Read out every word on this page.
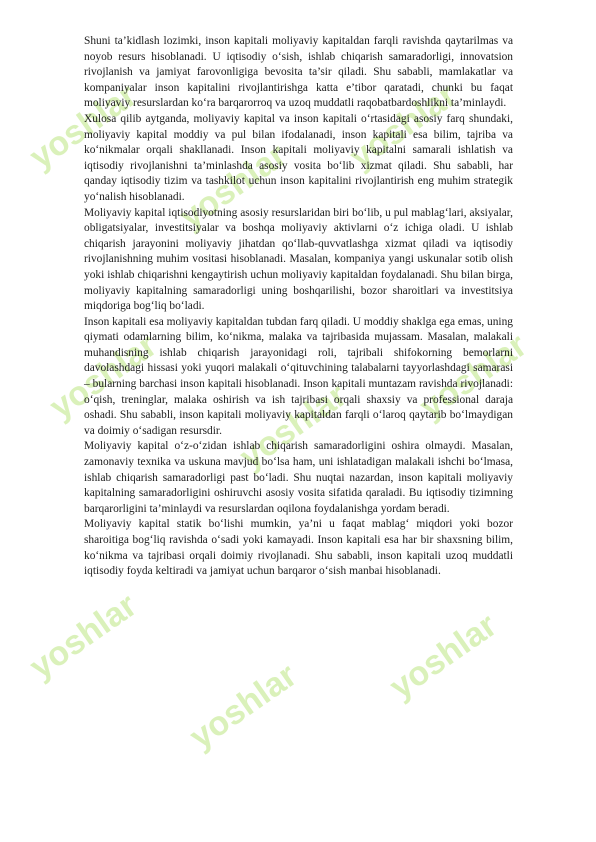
yoshlar
yoshlar
yoshlar
yoshlar yoshlar yoshlar
yoshlar
yoshlar yoshlar

Shuni ta’kidlash lozimki, inson kapitali moliyaviy kapitaldan farqli ravishda qaytarilmas va noyob resurs hisoblanadi. U iqtisodiy o‘sish, ishlab chiqarish samaradorligi, innovatsion rivojlanish va jamiyat farovonligiga bevosita ta’sir qiladi. Shu sababli, mamlakatlar va kompaniyalar inson kapitalini rivojlantirishga katta e’tibor qaratadi, chunki bu faqat moliyaviy resurslardan ko‘ra barqarorroq va uzoq muddatli raqobatbardoshlikni ta’minlaydi.

Xulosa qilib aytganda, moliyaviy kapital va inson kapitali o‘rtasidagi asosiy farq shundaki, moliyaviy kapital moddiy va pul bilan ifodalanadi, inson kapitali esa bilim, tajriba va ko‘nikmalar orqali shakllanadi. Inson kapitali moliyaviy kapitalni samarali ishlatish va iqtisodiy rivojlanishni ta’minlashda asosiy vosita bo‘lib xizmat qiladi. Shu sababli, har qanday iqtisodiy tizim va tashkilot uchun inson kapitalini rivojlantirish eng muhim strategik yo‘nalish hisoblanadi.

Moliyaviy kapital iqtisodiyotning asosiy resurslaridan biri bo‘lib, u pul mablag‘lari, aksiyalar, obligatsiyalar, investitsiyalar va boshqa moliyaviy aktivlarni o‘z ichiga oladi. U ishlab chiqarish jarayonini moliyaviy jihatdan qo‘llab-quvvatlashga xizmat qiladi va iqtisodiy rivojlanishning muhim vositasi hisoblanadi. Masalan, kompaniya yangi uskunalar sotib olish yoki ishlab chiqarishni kengaytirish uchun moliyaviy kapitaldan foydalanadi. Shu bilan birga, moliyaviy kapitalning samaradorligi uning boshqarilishi, bozor sharoitlari va investitsiya miqdoriga bog‘liq bo‘ladi.

Inson kapitali esa moliyaviy kapitaldan tubdan farq qiladi. U moddiy shaklga ega emas, uning qiymati odamlarning bilim, ko‘nikma, malaka va tajribasida mujassam. Masalan, malakali muhandisning ishlab chiqarish jarayonidagi roli, tajribali shifokorning bemorlarni davolashdagi hissasi yoki yuqori malakali o‘qituvchining talabalarni tayyorlashdagi samarasi – bularning barchasi inson kapitali hisoblanadi. Inson kapitali muntazam ravishda rivojlanadi: o‘qish, treninglar, malaka oshirish va ish tajribasi orqali shaxsiy va professional daraja oshadi. Shu sababli, inson kapitali moliyaviy kapitaldan farqli o‘laroq qaytarib bo‘lmaydigan va doimiy o‘sadigan resursdir.

Moliyaviy kapital o‘z-o‘zidan ishlab chiqarish samaradorligini oshira olmaydi. Masalan, zamonaviy texnika va uskuna mavjud bo‘lsa ham, uni ishlatadigan malakali ishchi bo‘lmasa, ishlab chiqarish samaradorligi past bo‘ladi. Shu nuqtai nazardan, inson kapitali moliyaviy kapitalning samaradorligini oshiruvchi asosiy vosita sifatida qaraladi. Bu iqtisodiy tizimning barqarorligini ta’minlaydi va resurslardan oqilona foydalanishga yordam beradi.

Moliyaviy kapital statik bo‘lishi mumkin, ya’ni u faqat mablag‘ miqdori yoki bozor sharoitiga bog‘liq ravishda o‘sadi yoki kamayadi. Inson kapitali esa har bir shaxsning bilim, ko‘nikma va tajribasi orqali doimiy rivojlanadi. Shu sababli, inson kapitali uzoq muddatli iqtisodiy foyda keltiradi va jamiyat uchun barqaror o‘sish manbai hisoblanadi.
